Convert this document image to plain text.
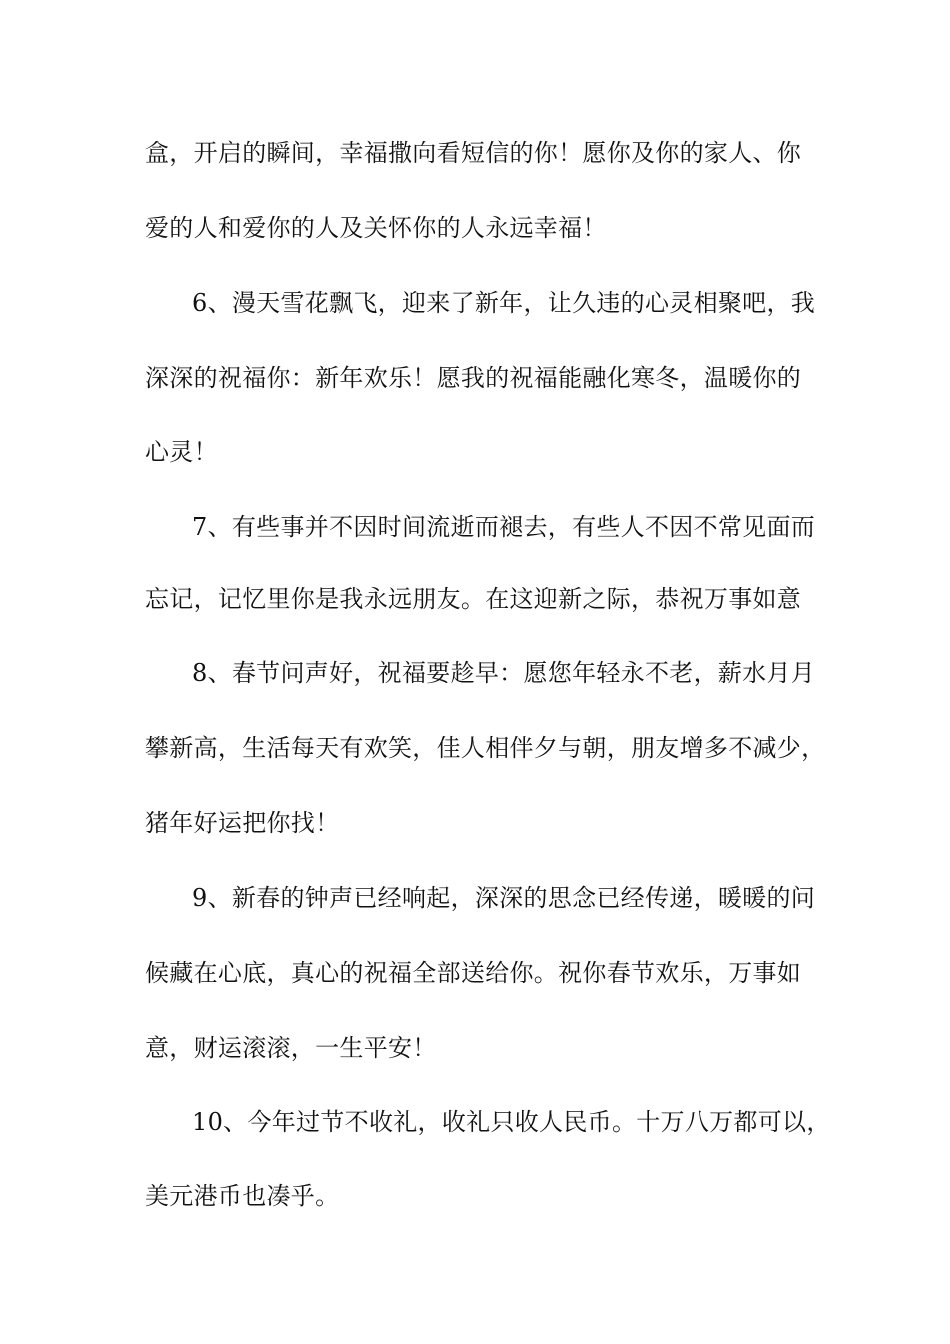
盒，开启的瞬间，幸福撒向看短信的你！愿你及你的家人、你
爱的人和爱你的人及关怀你的人永远幸福！
6、漫天雪花飘飞，迎来了新年，让久违的心灵相聚吧，我
深深的祝福你：新年欢乐！愿我的祝福能融化寒冬，温暖你的
心灵！
7、有些事并不因时间流逝而褪去，有些人不因不常见面而
忘记，记忆里你是我永远朋友。在这迎新之际，恭祝万事如意
8、春节问声好，祝福要趁早：愿您年轻永不老，薪水月月
攀新高，生活每天有欢笑，佳人相伴夕与朝，朋友增多不减少，
猪年好运把你找！
9、新春的钟声已经响起，深深的思念已经传递，暖暖的问
候藏在心底，真心的祝福全部送给你。祝你春节欢乐，万事如
意，财运滚滚，一生平安！
10、今年过节不收礼，收礼只收人民币。十万八万都可以，
美元港币也凑乎。
